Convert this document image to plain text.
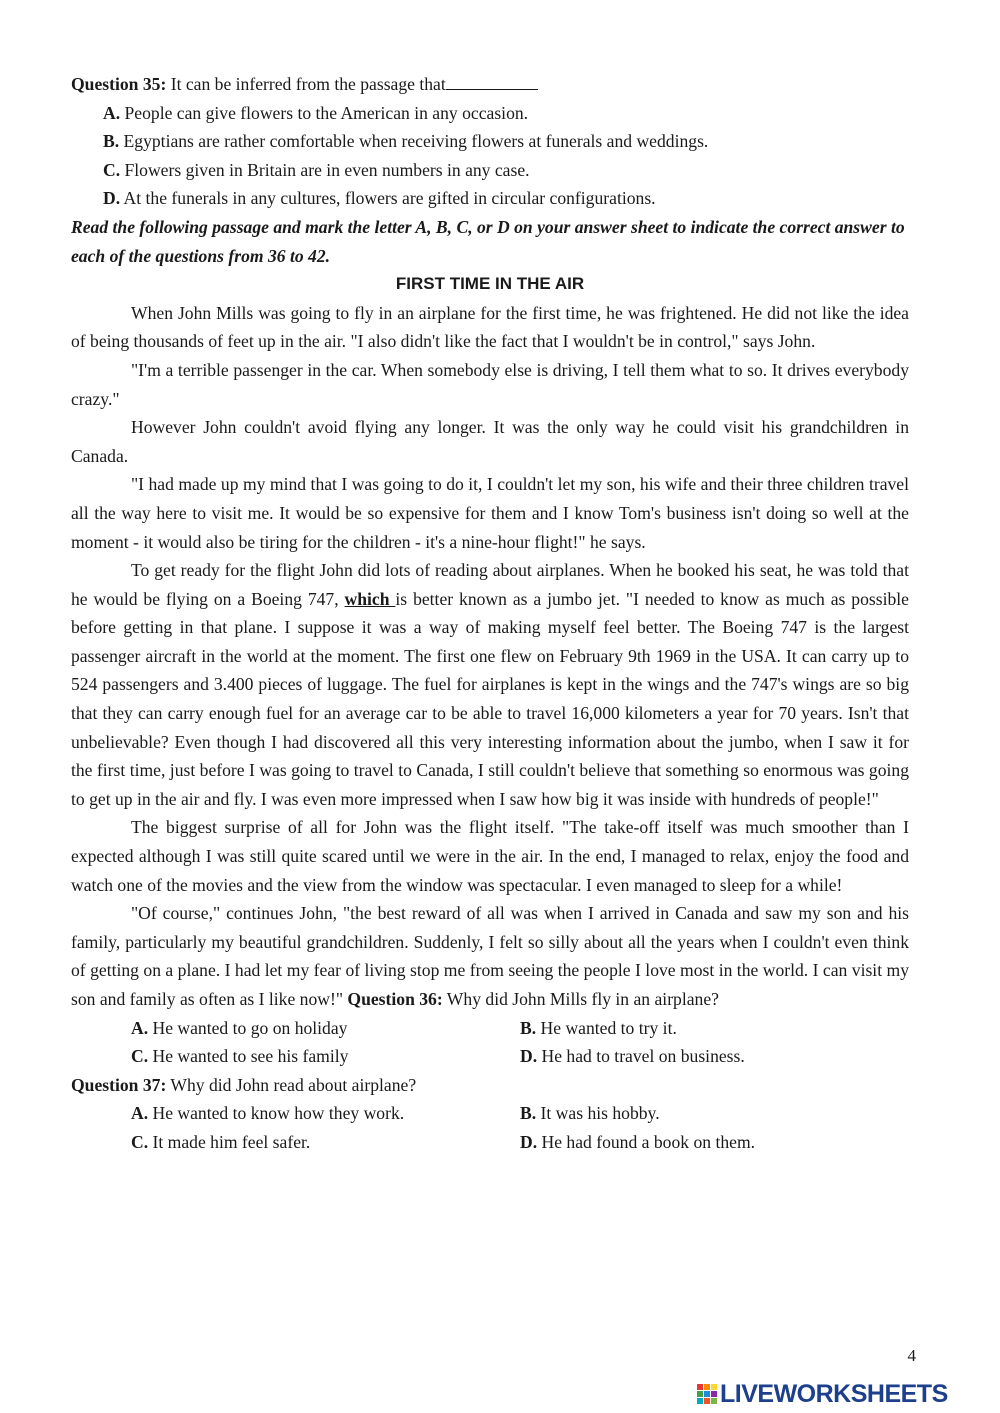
Question 35: It can be inferred from the passage that

A. People can give flowers to the American in any occasion.

B. Egyptians are rather comfortable when receiving flowers at funerals and weddings.

C. Flowers given in Britain are in even numbers in any case.

D. At the funerals in any cultures, flowers are gifted in circular configurations.

Read the following passage and mark the letter A, B, C, or D on your answer sheet to indicate the correct answer to each of the questions from 36 to 42.

FIRST TIME IN THE AIR

When John Mills was going to fly in an airplane for the first time, he was frightened. He did not like the idea of being thousands of feet up in the air. "I also didn't like the fact that I wouldn't be in control," says John.

"I'm a terrible passenger in the car. When somebody else is driving, I tell them what to so. It drives everybody crazy."

However John couldn't avoid flying any longer. It was the only way he could visit his grandchildren in Canada.

"I had made up my mind that I was going to do it, I couldn't let my son, his wife and their three children travel all the way here to visit me. It would be so expensive for them and I know Tom's business isn't doing so well at the moment - it would also be tiring for the children - it's a nine-hour flight!" he says.

To get ready for the flight John did lots of reading about airplanes. When he booked his seat, he was told that he would be flying on a Boeing 747, which is better known as a jumbo jet. "I needed to know as much as possible before getting in that plane. I suppose it was a way of making myself feel better. The Boeing 747 is the largest passenger aircraft in the world at the moment. The first one flew on February 9th 1969 in the USA. It can carry up to 524 passengers and 3.400 pieces of luggage. The fuel for airplanes is kept in the wings and the 747's wings are so big that they can carry enough fuel for an average car to be able to travel 16,000 kilometers a year for 70 years. Isn't that unbelievable? Even though I had discovered all this very interesting information about the jumbo, when I saw it for the first time, just before I was going to travel to Canada, I still couldn't believe that something so enormous was going to get up in the air and fly. I was even more impressed when I saw how big it was inside with hundreds of people!"

The biggest surprise of all for John was the flight itself. "The take-off itself was much smoother than I expected although I was still quite scared until we were in the air. In the end, I managed to relax, enjoy the food and watch one of the movies and the view from the window was spectacular. I even managed to sleep for a while!

"Of course," continues John, "the best reward of all was when I arrived in Canada and saw my son and his family, particularly my beautiful grandchildren. Suddenly, I felt so silly about all the years when I couldn't even think of getting on a plane. I had let my fear of living stop me from seeing the people I love most in the world. I can visit my son and family as often as I like now!" Question 36: Why did John Mills fly in an airplane?

A. He wanted to go on holiday	B. He wanted to try it.
C. He wanted to see his family	D. He had to travel on business.

Question 37: Why did John read about airplane?

A. He wanted to know how they work.	B. It was his hobby.
C. It made him feel safer.	D. He had found a book on them.
4
LIVEWORKSHEETS
